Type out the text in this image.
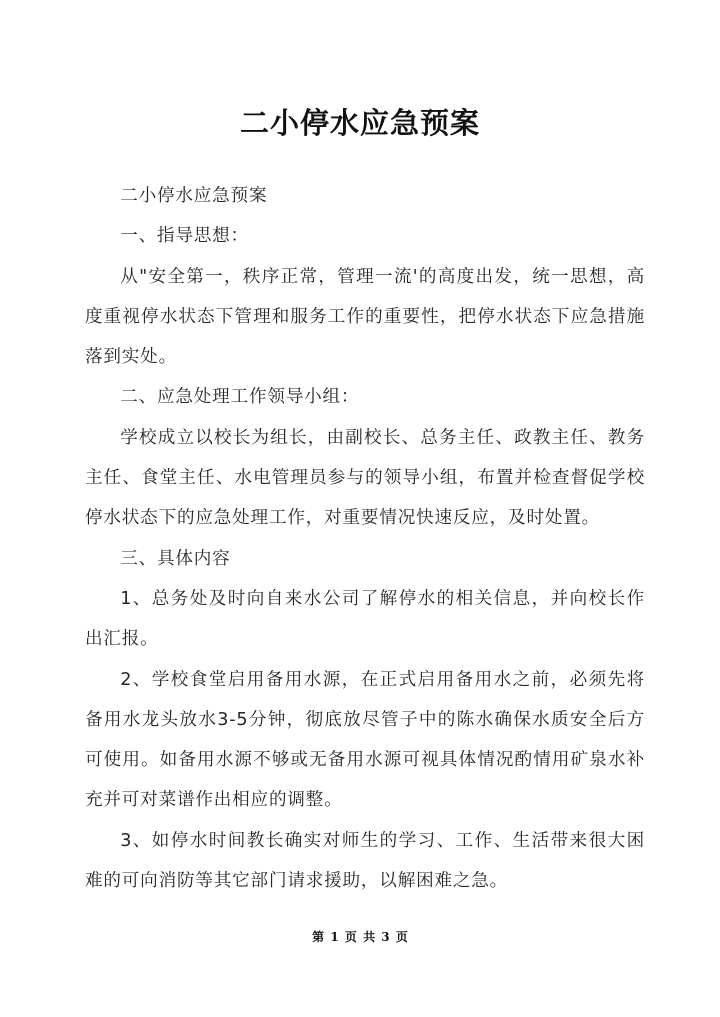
二小停水应急预案

二小停水应急预案

一、指导思想：

从"安全第一，秩序正常，管理一流'的高度出发，统一思想，高度重视停水状态下管理和服务工作的重要性，把停水状态下应急措施落到实处。

二、应急处理工作领导小组：

学校成立以校长为组长，由副校长、总务主任、政教主任、教务主任、食堂主任、水电管理员参与的领导小组，布置并检查督促学校停水状态下的应急处理工作，对重要情况快速反应，及时处置。

三、具体内容

1、总务处及时向自来水公司了解停水的相关信息，并向校长作出汇报。

2、学校食堂启用备用水源，在正式启用备用水之前，必须先将备用水龙头放水3-5分钟，彻底放尽管子中的陈水确保水质安全后方可使用。如备用水源不够或无备用水源可视具体情况酌情用矿泉水补充并可对菜谱作出相应的调整。

3、如停水时间教长确实对师生的学习、工作、生活带来很大困难的可向消防等其它部门请求援助，以解困难之急。

第 1 页 共 3 页
